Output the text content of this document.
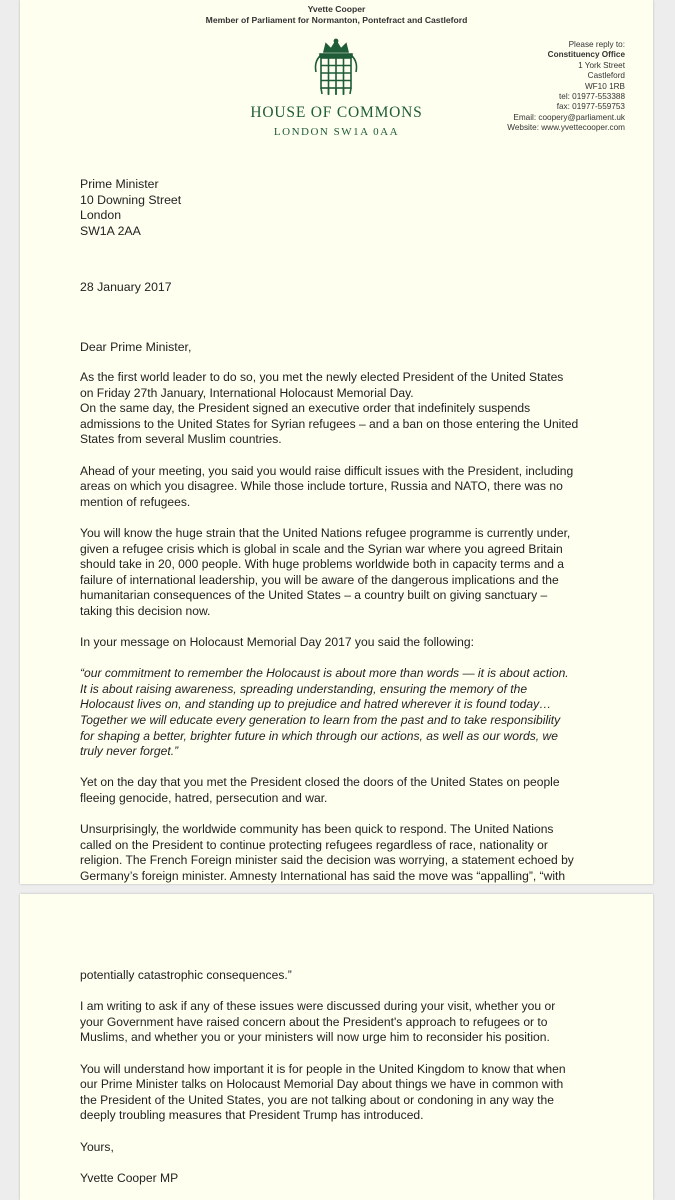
Yvette Cooper
Member of Parliament for Normanton, Pontefract and Castleford
HOUSE OF COMMONS
LONDON SW1A 0AA
Please reply to:
Constituency Office
1 York Street
Castleford
WF10 1RB
tel: 01977-553388
fax: 01977-559753
Email: coopery@parliament.uk
Website: www.yvettecooper.com
Prime Minister
10 Downing Street
London
SW1A 2AA
28 January 2017
Dear Prime Minister,

As the first world leader to do so, you met the newly elected President of the United States

on Friday 27th January, International Holocaust Memorial Day.

On the same day, the President signed an executive order that indefinitely suspends

admissions to the United States for Syrian refugees – and a ban on those entering the United

States from several Muslim countries.

Ahead of your meeting, you said you would raise difficult issues with the President, including

areas on which you disagree. While those include torture, Russia and NATO, there was no

mention of refugees.

You will know the huge strain that the United Nations refugee programme is currently under,

given a refugee crisis which is global in scale and the Syrian war where you agreed Britain

should take in 20, 000 people. With huge problems worldwide both in capacity terms and a

failure of international leadership, you will be aware of the dangerous implications and the

humanitarian consequences of the United States – a country built on giving sanctuary –

taking this decision now.

In your message on Holocaust Memorial Day 2017 you said the following:

“our commitment to remember the Holocaust is about more than words — it is about action.

It is about raising awareness, spreading understanding, ensuring the memory of the

Holocaust lives on, and standing up to prejudice and hatred wherever it is found today…

Together we will educate every generation to learn from the past and to take responsibility

for shaping a better, brighter future in which through our actions, as well as our words, we

truly never forget.”

Yet on the day that you met the President closed the doors of the United States on people

fleeing genocide, hatred, persecution and war.

Unsurprisingly, the worldwide community has been quick to respond. The United Nations

called on the President to continue protecting refugees regardless of race, nationality or

religion. The French Foreign minister said the decision was worrying, a statement echoed by

Germany’s foreign minister. Amnesty International has said the move was “appalling”, “with

potentially catastrophic consequences.”

I am writing to ask if any of these issues were discussed during your visit, whether you or

your Government have raised concern about the President's approach to refugees or to

Muslims, and whether you or your ministers will now urge him to reconsider his position.

You will understand how important it is for people in the United Kingdom to know that when

our Prime Minister talks on Holocaust Memorial Day about things we have in common with

the President of the United States, you are not talking about or condoning in any way the

deeply troubling measures that President Trump has introduced.

Yours,

Yvette Cooper MP
